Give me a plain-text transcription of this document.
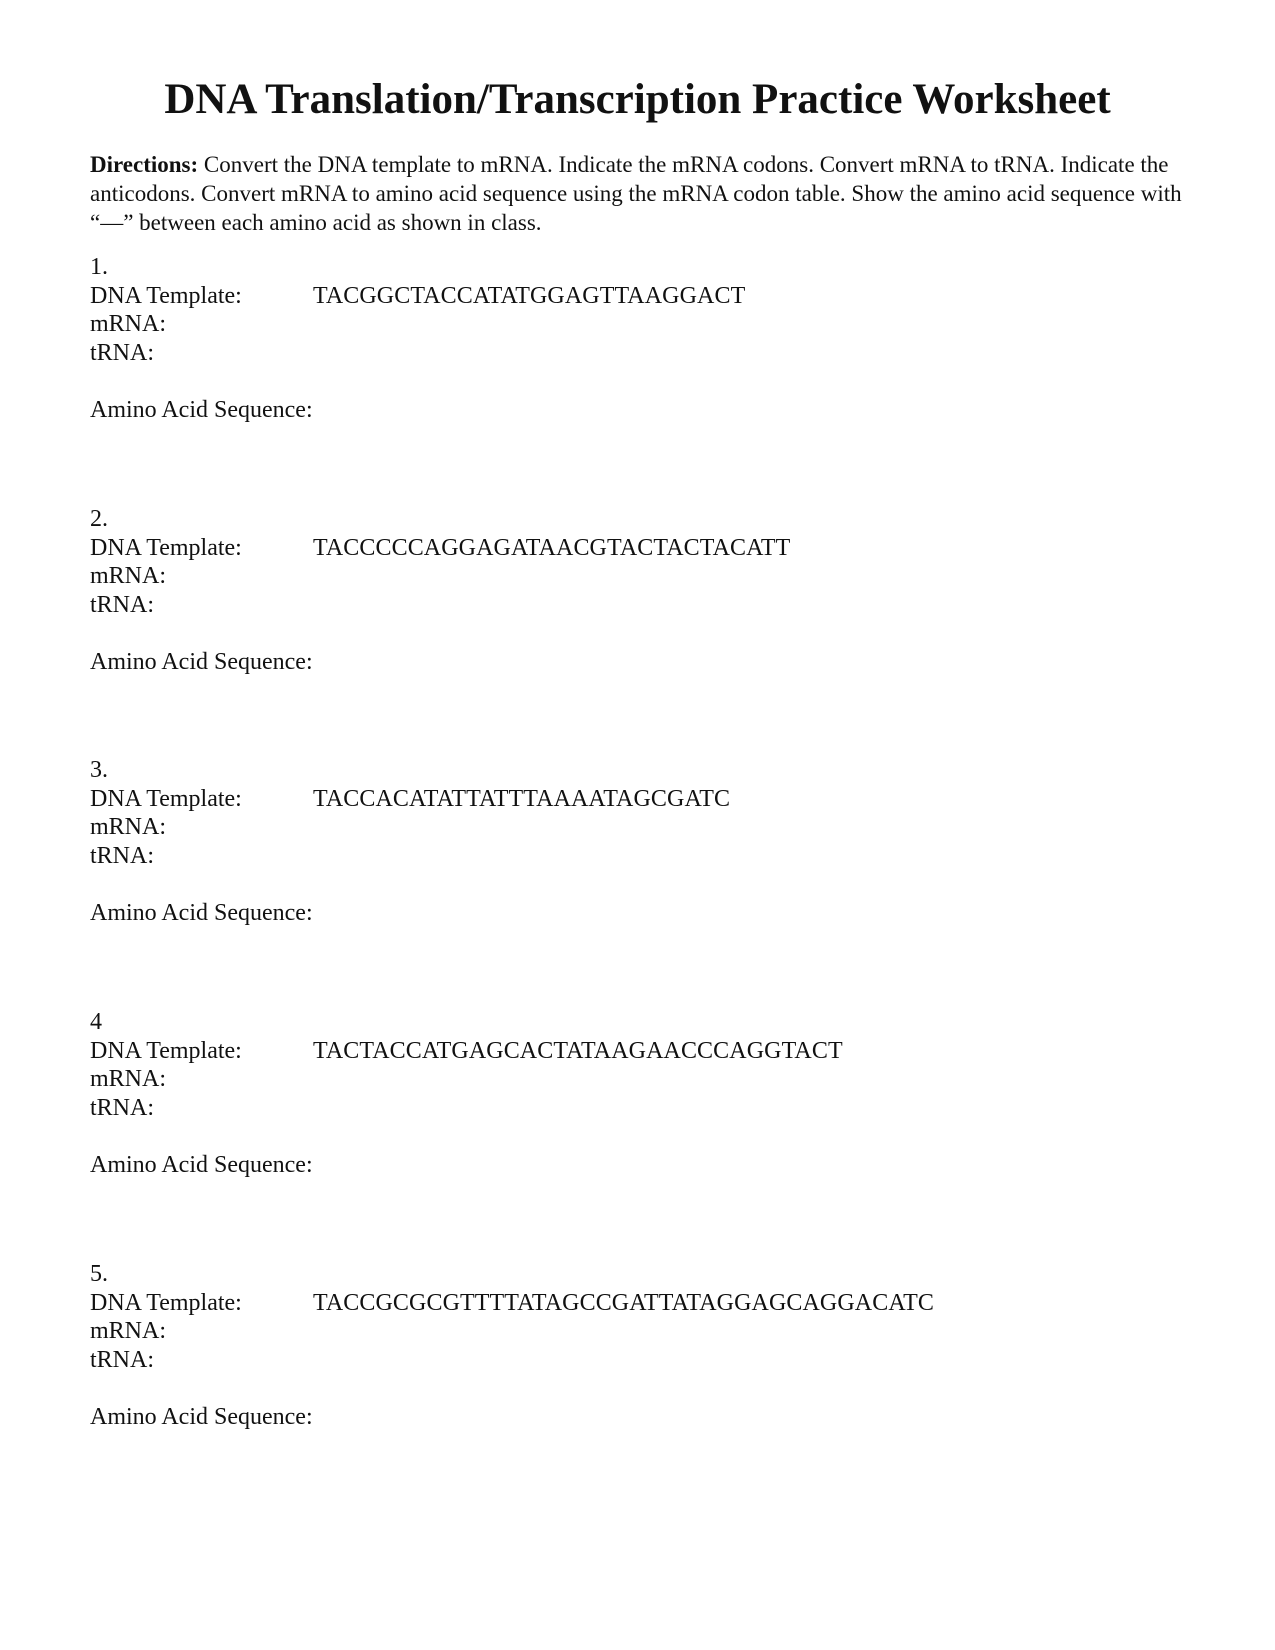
DNA Translation/Transcription Practice Worksheet
Directions: Convert the DNA template to mRNA. Indicate the mRNA codons. Convert mRNA to tRNA. Indicate the anticodons. Convert mRNA to amino acid sequence using the mRNA codon table. Show the amino acid sequence with “—” between each amino acid as shown in class.
1.
DNA Template:	TACGGCTACCATATGGAGTTAAGGACT
mRNA:
tRNA:
Amino Acid Sequence:
2.
DNA Template:	TACCCCCAGGAGATAACGTACTACTACATT
mRNA:
tRNA:
Amino Acid Sequence:
3.
DNA Template:	TACCACATATTATTTAAAATAGCGATC
mRNA:
tRNA:
Amino Acid Sequence:
4
DNA Template:	TACTACCATGAGCACTATAAGAACCCAGGTACT
mRNA:
tRNA:
Amino Acid Sequence:
5.
DNA Template:	TACCGCGCGTTTTATAGCCGATTATAGGAGCAGGACATC
mRNA:
tRNA:
Amino Acid Sequence:
